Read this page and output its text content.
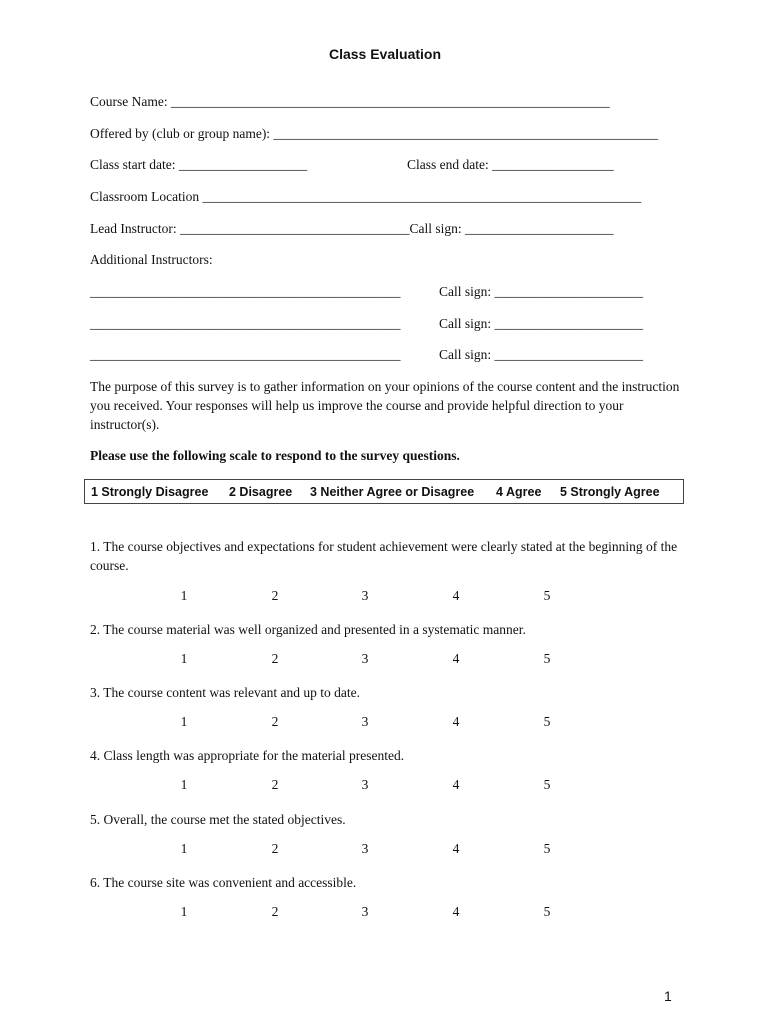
Class Evaluation
Course Name: _________________________________________________________________
Offered by (club or group name): _________________________________________________________
Class start date: ___________________	Class end date: __________________
Classroom Location _________________________________________________________________
Lead Instructor: __________________________________Call sign: ______________________
Additional Instructors:
______________________________________________	Call sign: ______________________
______________________________________________	Call sign: ______________________
______________________________________________	Call sign: ______________________
The purpose of this survey is to gather information on your opinions of the course content and the instruction you received. Your responses will help us improve the course and provide helpful direction to your instructor(s).
Please use the following scale to respond to the survey questions.
1 Strongly Disagree 2 Disagree 3 Neither Agree or Disagree 4 Agree 5 Strongly Agree
1. The course objectives and expectations for student achievement were clearly stated at the beginning of the course.
1	2	3	4	5
2. The course material was well organized and presented in a systematic manner.
1	2	3	4	5
3. The course content was relevant and up to date.
1	2	3	4	5
4. Class length was appropriate for the material presented.
1	2	3	4	5
5. Overall, the course met the stated objectives.
1	2	3	4	5
6. The course site was convenient and accessible.
1	2	3	4	5
1
